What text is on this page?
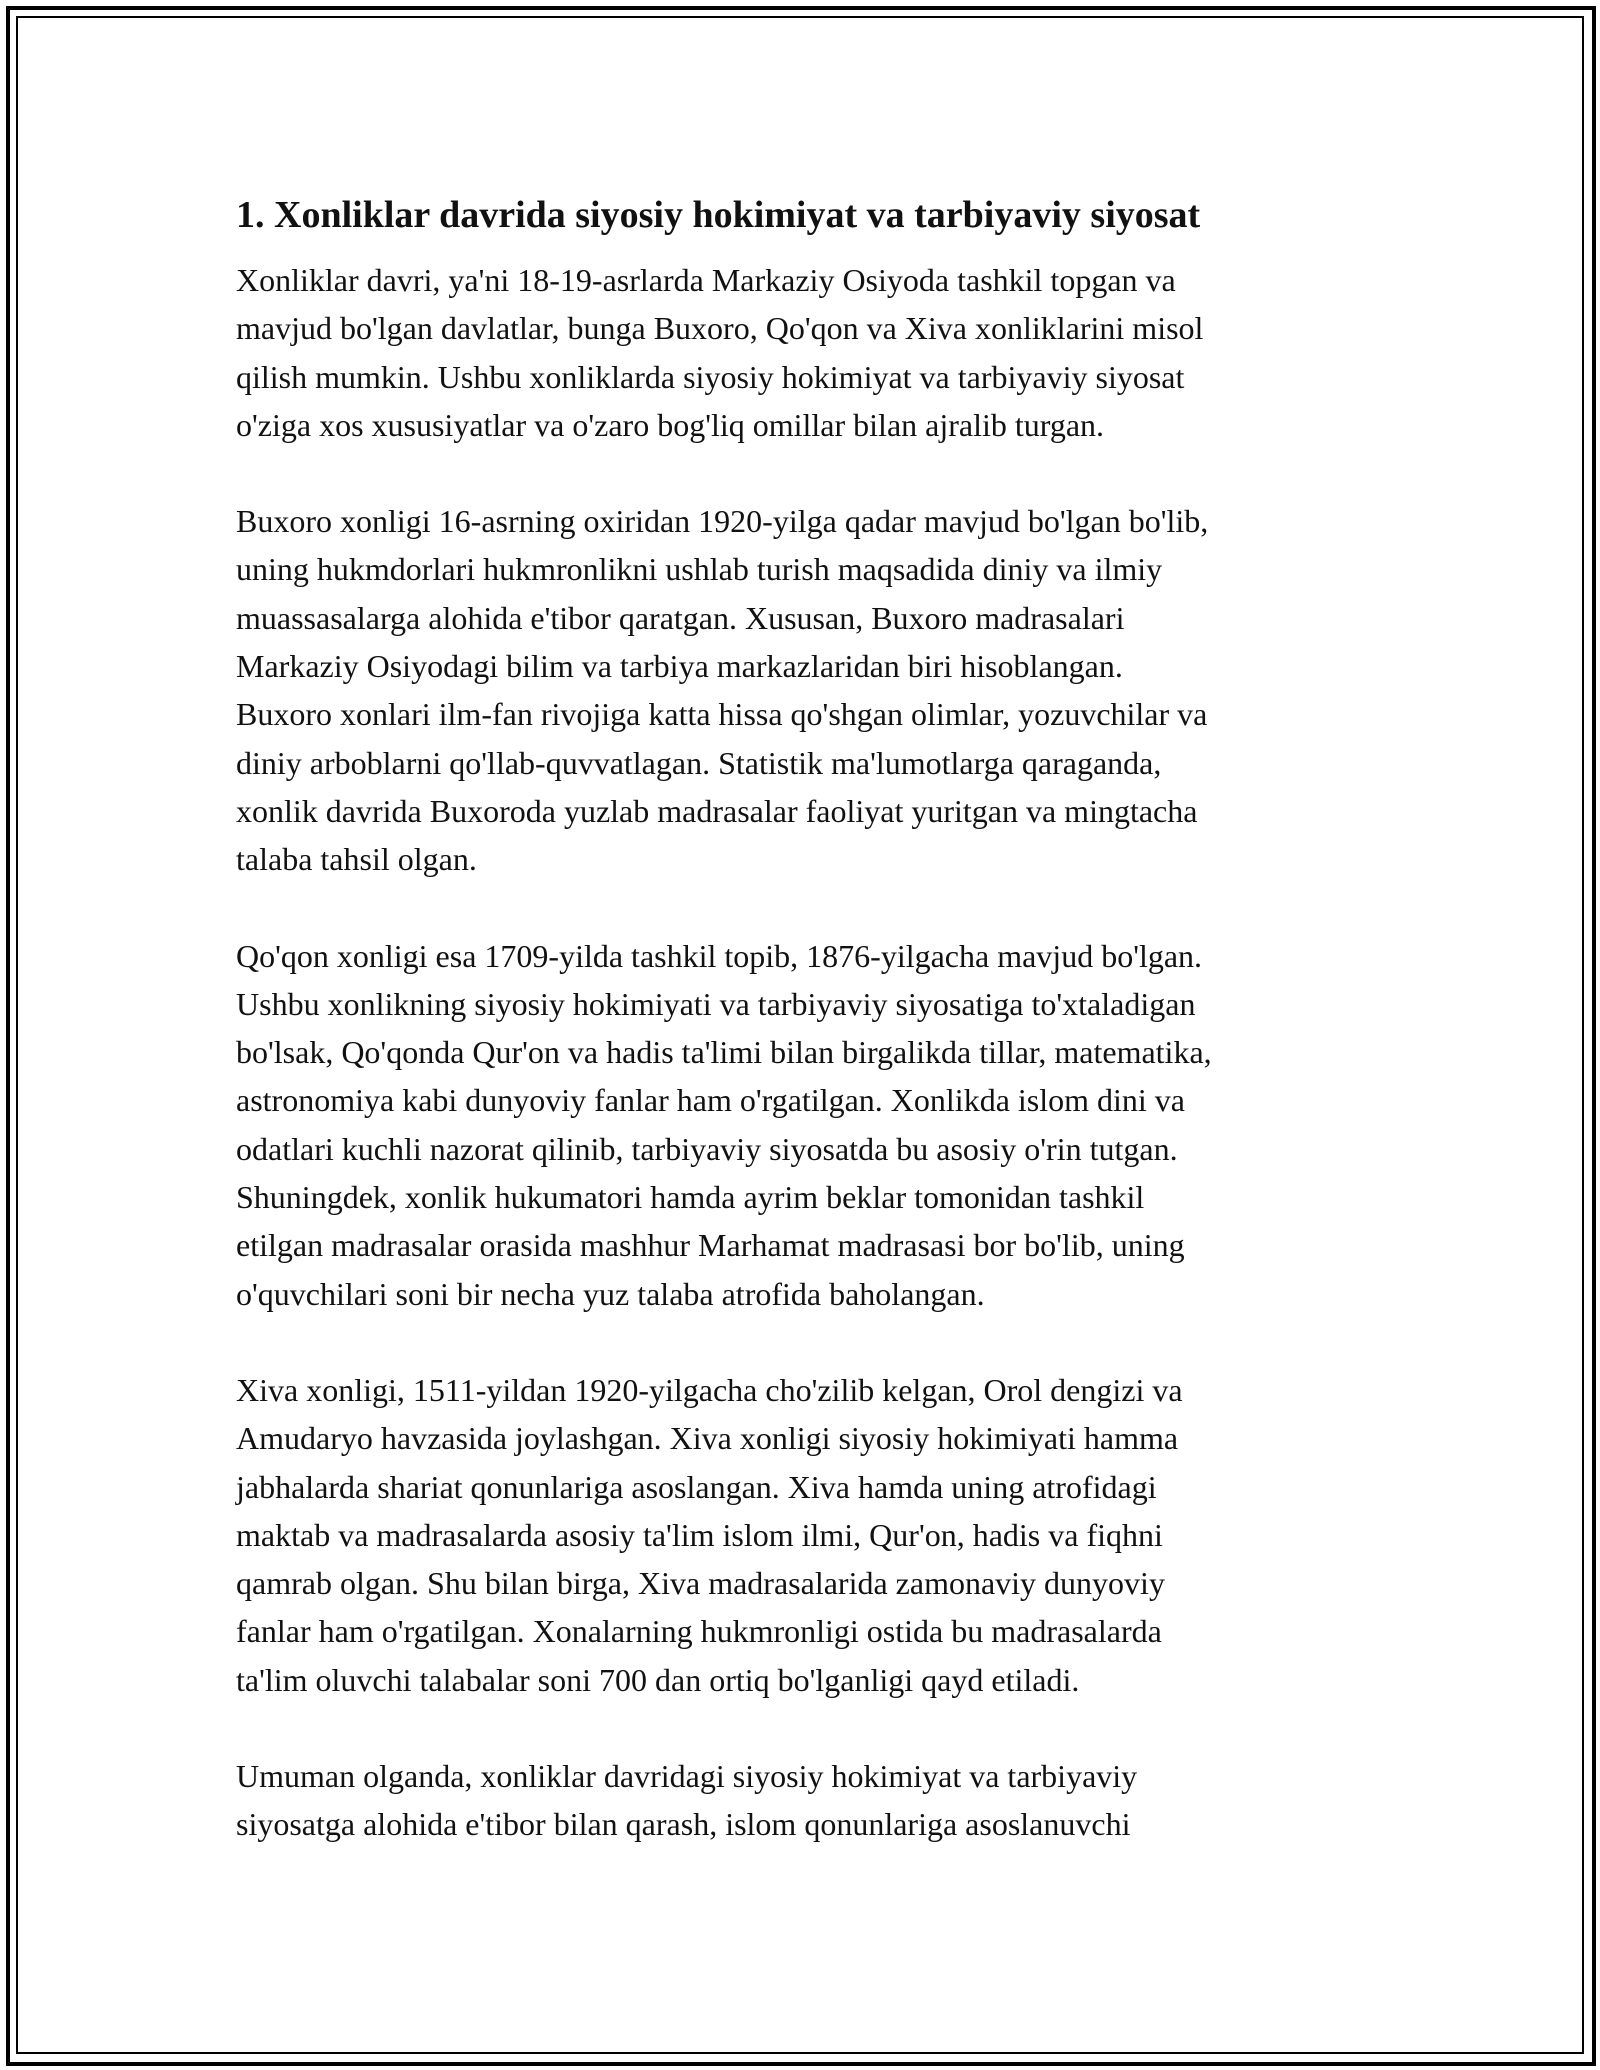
1. Xonliklar davrida siyosiy hokimiyat va tarbiyaviy siyosat

Xonliklar davri, ya'ni 18-19-asrlarda Markaziy Osiyoda tashkil topgan va
mavjud bo'lgan davlatlar, bunga Buxoro, Qo'qon va Xiva xonliklarini misol
qilish mumkin. Ushbu xonliklarda siyosiy hokimiyat va tarbiyaviy siyosat
o'ziga xos xususiyatlar va o'zaro bog'liq omillar bilan ajralib turgan.

Buxoro xonligi 16-asrning oxiridan 1920-yilga qadar mavjud bo'lgan bo'lib,
uning hukmdorlari hukmronlikni ushlab turish maqsadida diniy va ilmiy
muassasalarga alohida e'tibor qaratgan. Xususan, Buxoro madrasalari
Markaziy Osiyodagi bilim va tarbiya markazlaridan biri hisoblangan.
Buxoro xonlari ilm-fan rivojiga katta hissa qo'shgan olimlar, yozuvchilar va
diniy arboblarni qo'llab-quvvatlagan. Statistik ma'lumotlarga qaraganda,
xonlik davrida Buxoroda yuzlab madrasalar faoliyat yuritgan va mingtacha
talaba tahsil olgan.

Qo'qon xonligi esa 1709-yilda tashkil topib, 1876-yilgacha mavjud bo'lgan.
Ushbu xonlikning siyosiy hokimiyati va tarbiyaviy siyosatiga to'xtaladigan
bo'lsak, Qo'qonda Qur'on va hadis ta'limi bilan birgalikda tillar, matematika,
astronomiya kabi dunyoviy fanlar ham o'rgatilgan. Xonlikda islom dini va
odatlari kuchli nazorat qilinib, tarbiyaviy siyosatda bu asosiy o'rin tutgan.
Shuningdek, xonlik hukumatori hamda ayrim beklar tomonidan tashkil
etilgan madrasalar orasida mashhur Marhamat madrasasi bor bo'lib, uning
o'quvchilari soni bir necha yuz talaba atrofida baholangan.

Xiva xonligi, 1511-yildan 1920-yilgacha cho'zilib kelgan, Orol dengizi va
Amudaryo havzasida joylashgan. Xiva xonligi siyosiy hokimiyati hamma
jabhalarda shariat qonunlariga asoslangan. Xiva hamda uning atrofidagi
maktab va madrasalarda asosiy ta'lim islom ilmi, Qur'on, hadis va fiqhni
qamrab olgan. Shu bilan birga, Xiva madrasalarida zamonaviy dunyoviy
fanlar ham o'rgatilgan. Xonalarning hukmronligi ostida bu madrasalarda
ta'lim oluvchi talabalar soni 700 dan ortiq bo'lganligi qayd etiladi.

Umuman olganda, xonliklar davridagi siyosiy hokimiyat va tarbiyaviy
siyosatga alohida e'tibor bilan qarash, islom qonunlariga asoslanuvchi
